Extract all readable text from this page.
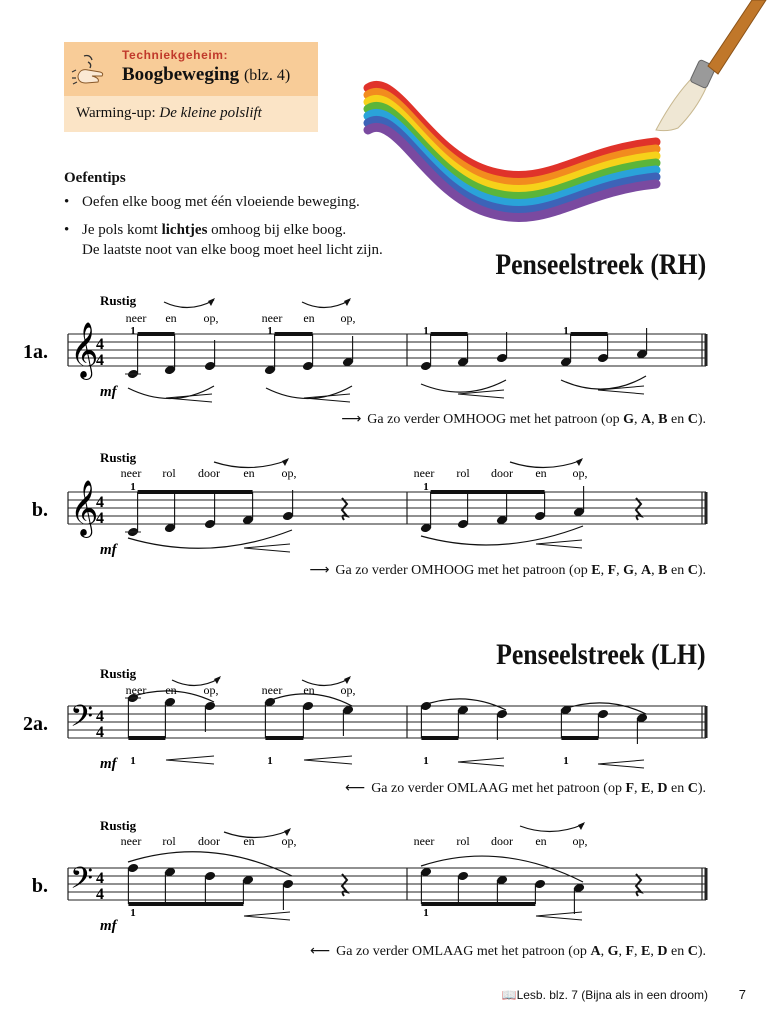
Techniekgeheim:
Boogbeweging (blz. 4)
Warming-up: De kleine polslift
Oefentips
• Oefen elke boog met één vloeiende beweging.
• Je pols komt lichtjes omhoog bij elke boog.
De laatste noot van elke boog moet heel licht zijn.	Penseelstreek (RH)
Penseelstreek (LH)
1a. 𝄞
4
4
mf
Rustig
neer en op,	neer en op,
1	1	1	1
⟶ Ga zo verder OMHOOG met het patroon (op G, A, B en C).
b. 𝄞
4
4
mf
Rustig
neer rol door en op,	neer rol door en op,
1	1
⟶ Ga zo verder OMHOOG met het patroon (op E, F, G, A, B en C).
2a. 𝄢 4
4
mf
Rustig
neer en op,	neer en op,
1	1	1	1
⟵ Ga zo verder OMLAAG met het patroon (op F, E, D en C).
b. 𝄢 4
4
mf
Rustig
neer rol door en op,	neer rol door en op,
1	1
⟵ Ga zo verder OMLAAG met het patroon (op A, G, F, E, D en C).
📖Lesb. blz. 7 (Bijna als in een droom) 7
